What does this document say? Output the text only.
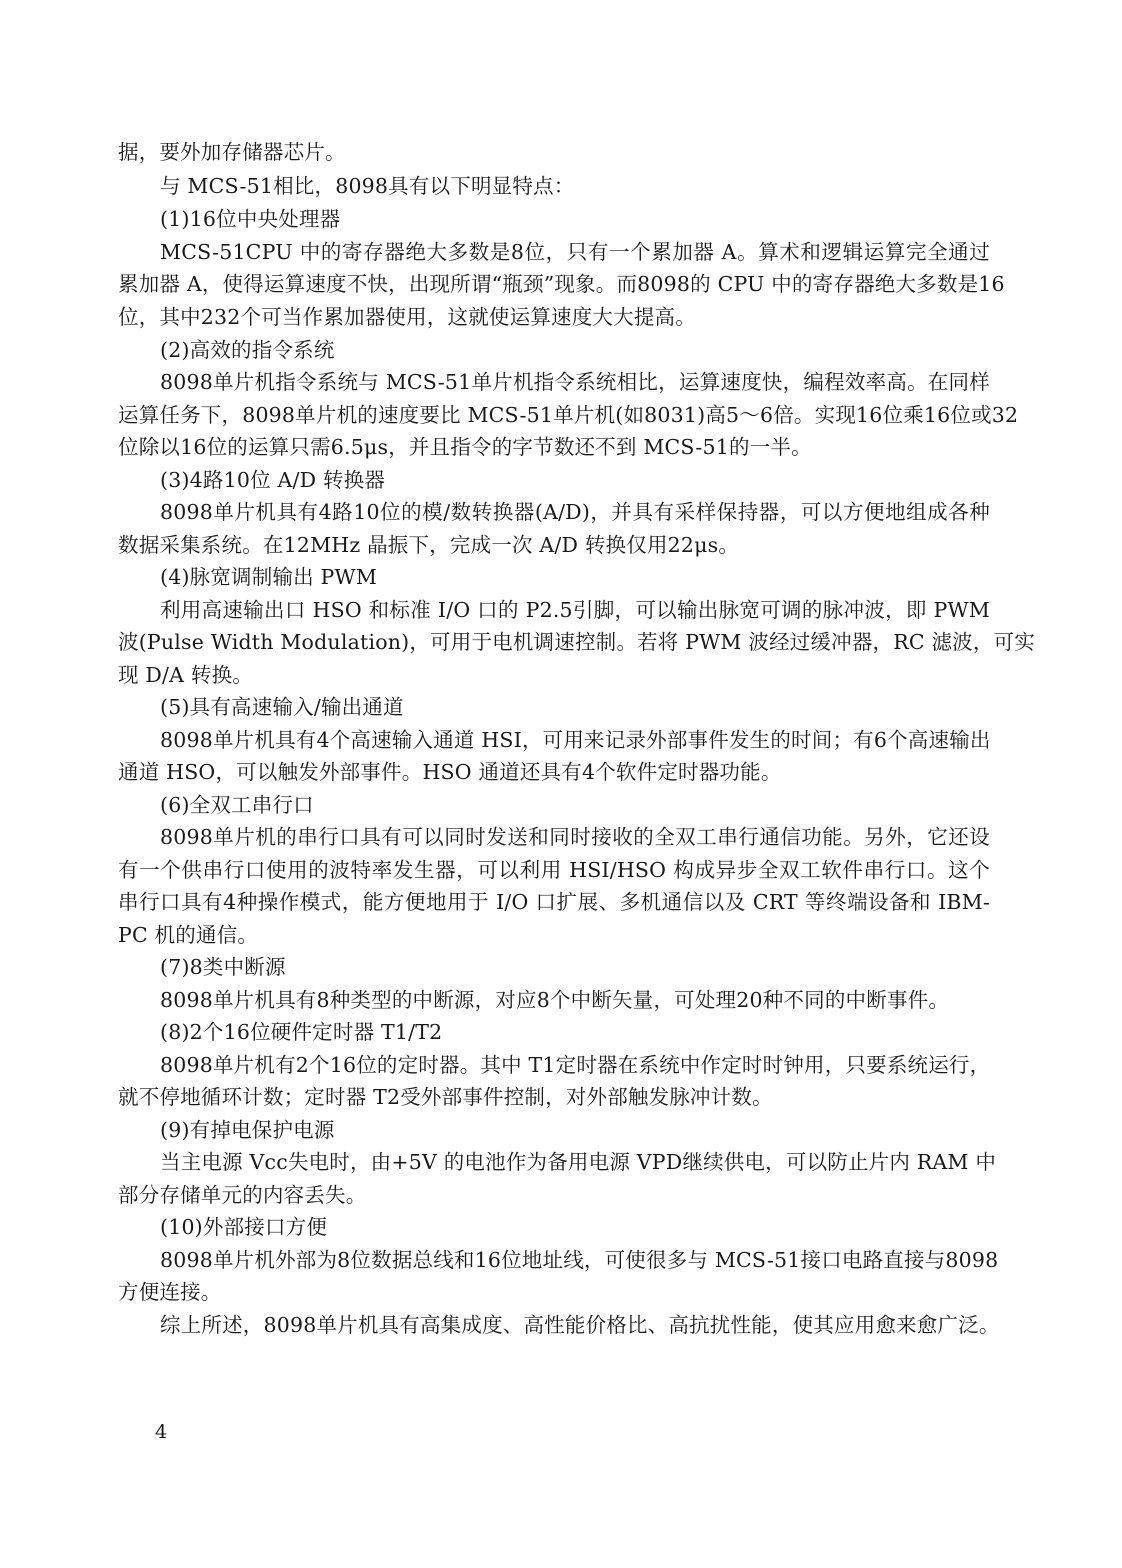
据，要外加存储器芯片。
与 MCS-51相比，8098具有以下明显特点：
(1)16位中央处理器
MCS-51CPU 中的寄存器绝大多数是8位，只有一个累加器 A。算术和逻辑运算完全通过
累加器 A，使得运算速度不快，出现所谓“瓶颈”现象。而8098的 CPU 中的寄存器绝大多数是16
位，其中232个可当作累加器使用，这就使运算速度大大提高。
(2)高效的指令系统
8098单片机指令系统与 MCS-51单片机指令系统相比，运算速度快，编程效率高。在同样
运算任务下，8098单片机的速度要比 MCS-51单片机(如8031)高5～6倍。实现16位乘16位或32
位除以16位的运算只需6.5μs，并且指令的字节数还不到 MCS-51的一半。
(3)4路10位 A/D 转换器
8098单片机具有4路10位的模/数转换器(A/D)，并具有采样保持器，可以方便地组成各种
数据采集系统。在12MHz 晶振下，完成一次 A/D 转换仅用22μs。
(4)脉宽调制输出 PWM
利用高速输出口 HSO 和标准 I/O 口的 P2.5引脚，可以输出脉宽可调的脉冲波，即 PWM
波(Pulse Width Modulation)，可用于电机调速控制。若将 PWM 波经过缓冲器，RC 滤波，可实
现 D/A 转换。
(5)具有高速输入/输出通道
8098单片机具有4个高速输入通道 HSI，可用来记录外部事件发生的时间；有6个高速输出
通道 HSO，可以触发外部事件。HSO 通道还具有4个软件定时器功能。
(6)全双工串行口
8098单片机的串行口具有可以同时发送和同时接收的全双工串行通信功能。另外，它还设
有一个供串行口使用的波特率发生器，可以利用 HSI/HSO 构成异步全双工软件串行口。这个
串行口具有4种操作模式，能方便地用于 I/O 口扩展、多机通信以及 CRT 等终端设备和 IBM-
PC 机的通信。
(7)8类中断源
8098单片机具有8种类型的中断源，对应8个中断矢量，可处理20种不同的中断事件。
(8)2个16位硬件定时器 T1/T2
8098单片机有2个16位的定时器。其中 T1定时器在系统中作定时时钟用，只要系统运行，
就不停地循环计数；定时器 T2受外部事件控制，对外部触发脉冲计数。
(9)有掉电保护电源
当主电源 Vcc失电时，由+5V 的电池作为备用电源 VPD继续供电，可以防止片内 RAM 中
部分存储单元的内容丢失。
(10)外部接口方便
8098单片机外部为8位数据总线和16位地址线，可使很多与 MCS-51接口电路直接与8098
方便连接。
综上所述，8098单片机具有高集成度、高性能价格比、高抗扰性能，使其应用愈来愈广泛。
4
